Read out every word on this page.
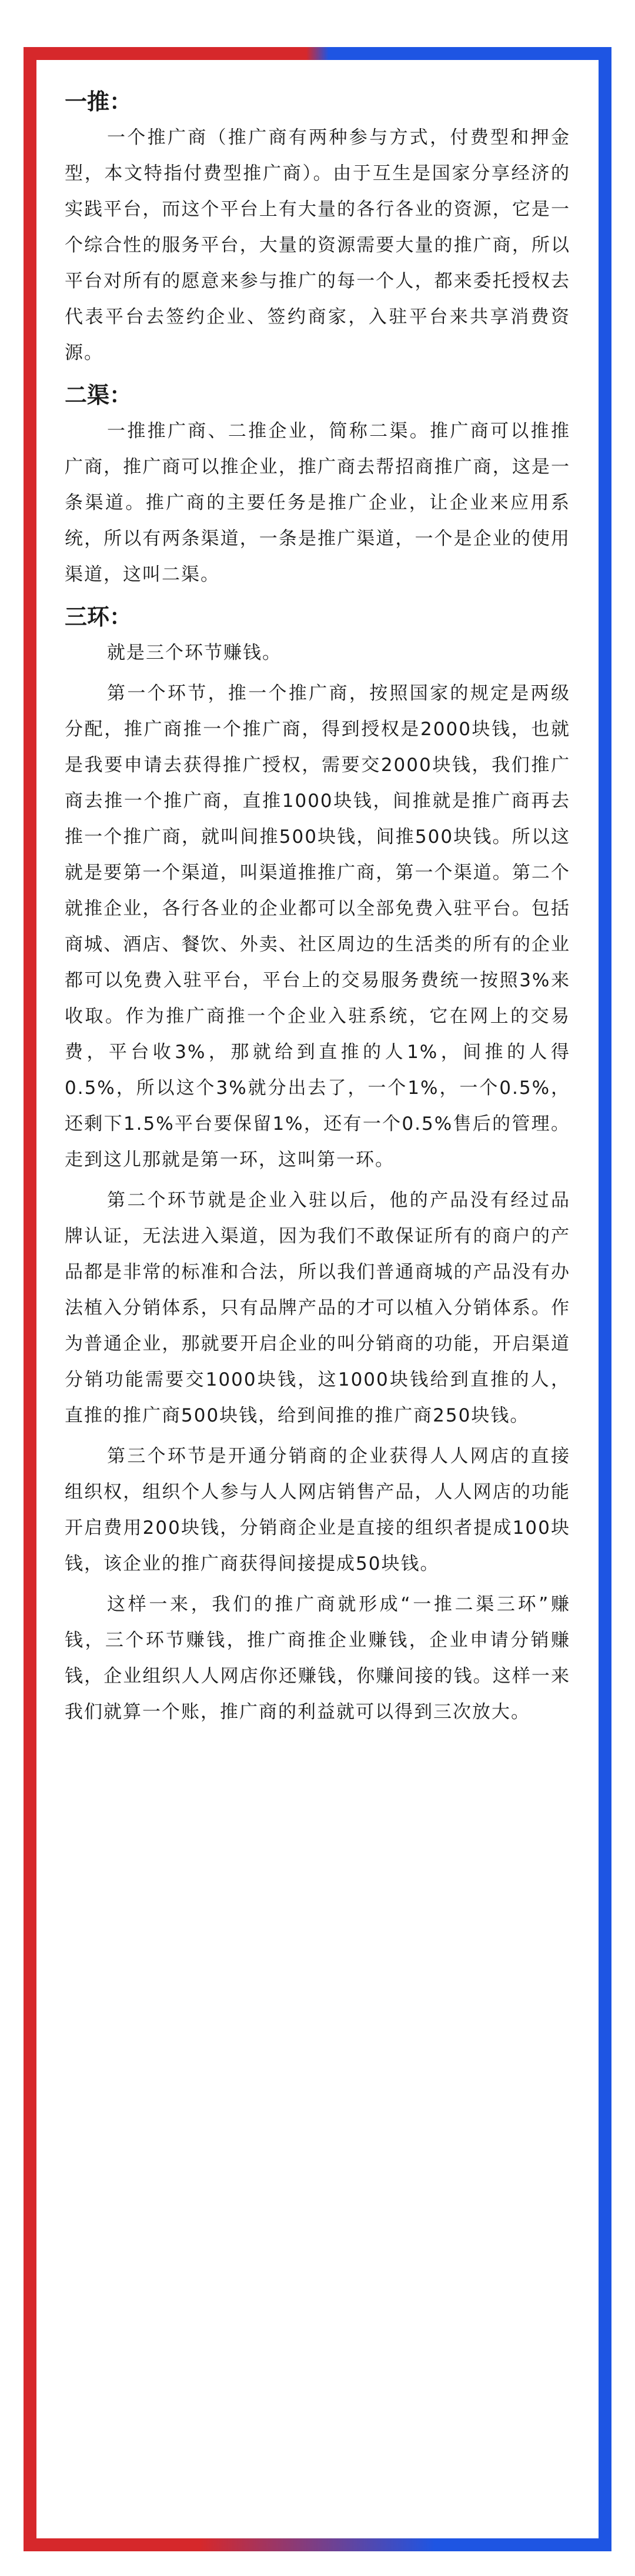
一推：

一个推广商（推广商有两种参与方式，付费型和押金型，本文特指付费型推广商）。由于互生是国家分享经济的实践平台，而这个平台上有大量的各行各业的资源，它是一个综合性的服务平台，大量的资源需要大量的推广商，所以平台对所有的愿意来参与推广的每一个人，都来委托授权去代表平台去签约企业、签约商家，入驻平台来共享消费资源。

二渠：

一推推广商、二推企业，简称二渠。推广商可以推推广商，推广商可以推企业，推广商去帮招商推广商，这是一条渠道。推广商的主要任务是推广企业，让企业来应用系统，所以有两条渠道，一条是推广渠道，一个是企业的使用渠道，这叫二渠。

三环：

就是三个环节赚钱。

第一个环节，推一个推广商，按照国家的规定是两级分配，推广商推一个推广商，得到授权是2000块钱，也就是我要申请去获得推广授权，需要交2000块钱，我们推广商去推一个推广商，直推1000块钱，间推就是推广商再去推一个推广商，就叫间推500块钱，间推500块钱。所以这就是要第一个渠道，叫渠道推推广商，第一个渠道。第二个就推企业，各行各业的企业都可以全部免费入驻平台。包括商城、酒店、餐饮、外卖、社区周边的生活类的所有的企业都可以免费入驻平台，平台上的交易服务费统一按照3%来收取。作为推广商推一个企业入驻系统，它在网上的交易费，平台收3%，那就给到直推的人1%，间推的人得0.5%，所以这个3%就分出去了，一个1%，一个0.5%，还剩下1.5%平台要保留1%，还有一个0.5%售后的管理。走到这儿那就是第一环，这叫第一环。

第二个环节就是企业入驻以后，他的产品没有经过品牌认证，无法进入渠道，因为我们不敢保证所有的商户的产品都是非常的标准和合法，所以我们普通商城的产品没有办法植入分销体系，只有品牌产品的才可以植入分销体系。作为普通企业，那就要开启企业的叫分销商的功能，开启渠道分销功能需要交1000块钱，这1000块钱给到直推的人，直推的推广商500块钱，给到间推的推广商250块钱。

第三个环节是开通分销商的企业获得人人网店的直接组织权，组织个人参与人人网店销售产品，人人网店的功能开启费用200块钱，分销商企业是直接的组织者提成100块钱，该企业的推广商获得间接提成50块钱。

这样一来，我们的推广商就形成“一推二渠三环”赚钱，三个环节赚钱，推广商推企业赚钱，企业申请分销赚钱，企业组织人人网店你还赚钱，你赚间接的钱。这样一来我们就算一个账，推广商的利益就可以得到三次放大。
